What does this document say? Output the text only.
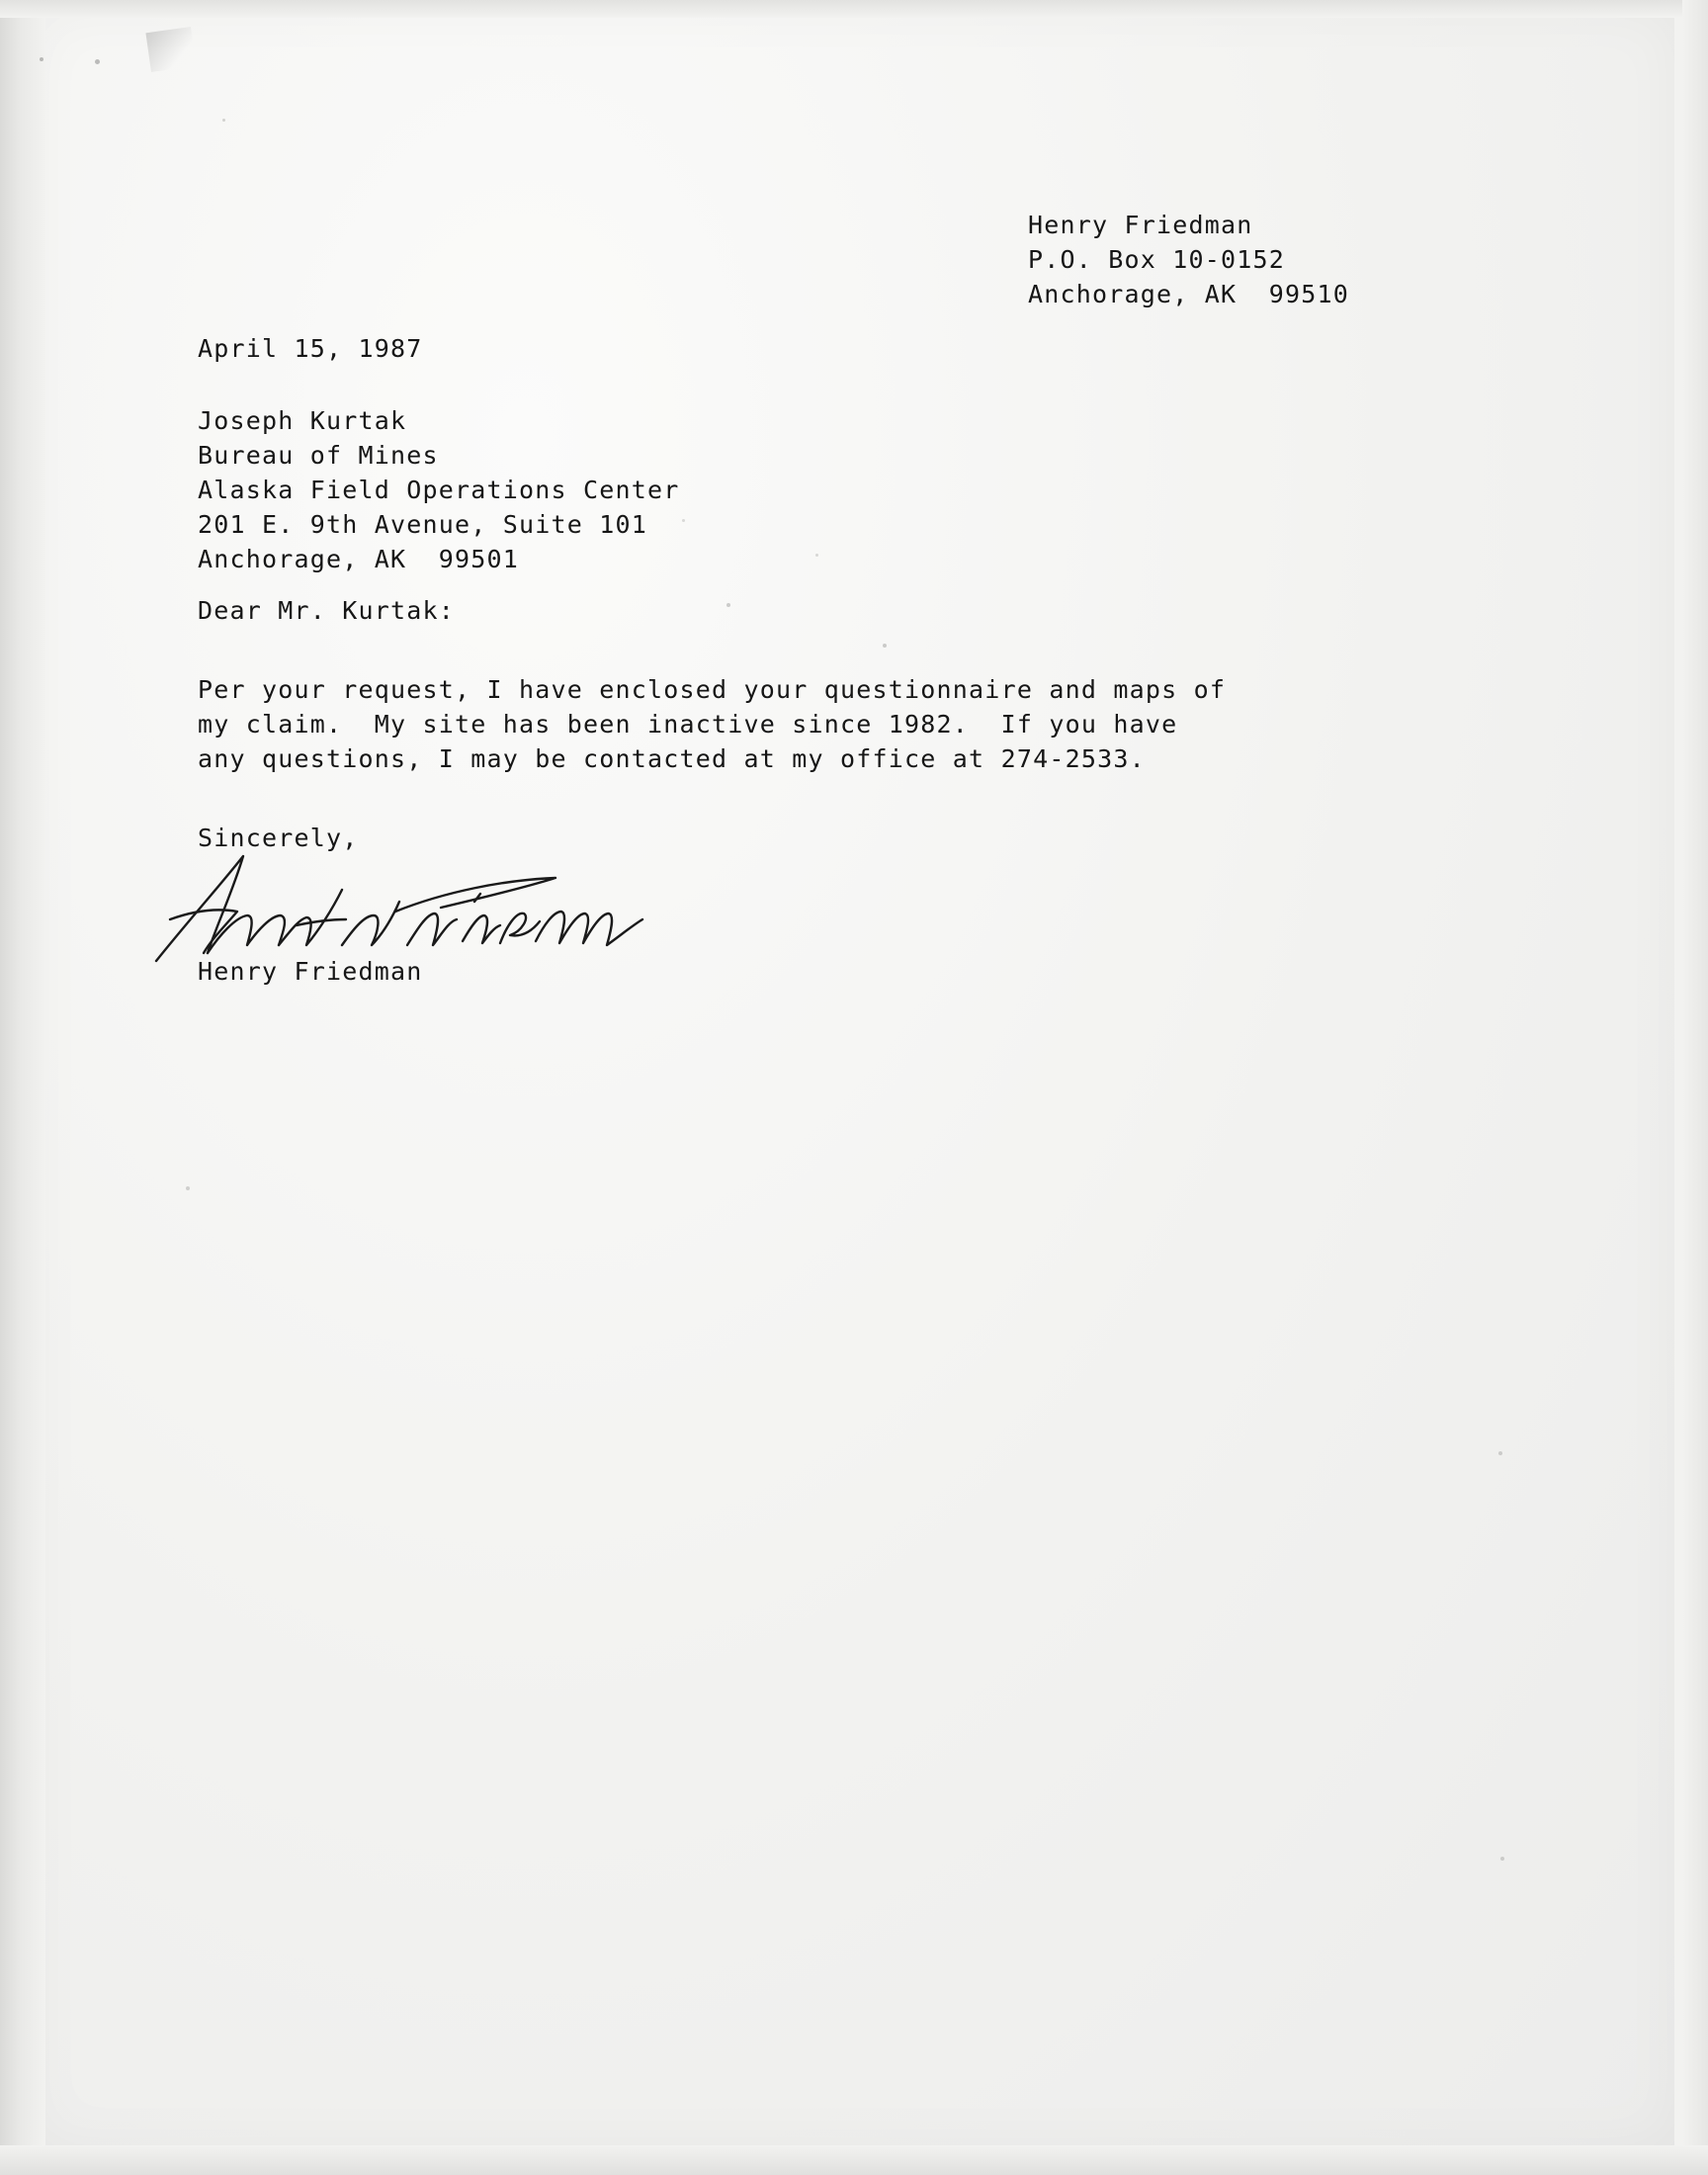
Henry Friedman
P.O. Box 10-0152
Anchorage, AK  99510
April 15, 1987
Joseph Kurtak
Bureau of Mines
Alaska Field Operations Center
201 E. 9th Avenue, Suite 101
Anchorage, AK  99501
Dear Mr. Kurtak:
Per your request, I have enclosed your questionnaire and maps of
my claim.  My site has been inactive since 1982.  If you have
any questions, I may be contacted at my office at 274-2533.
Sincerely,
Henry Friedman
